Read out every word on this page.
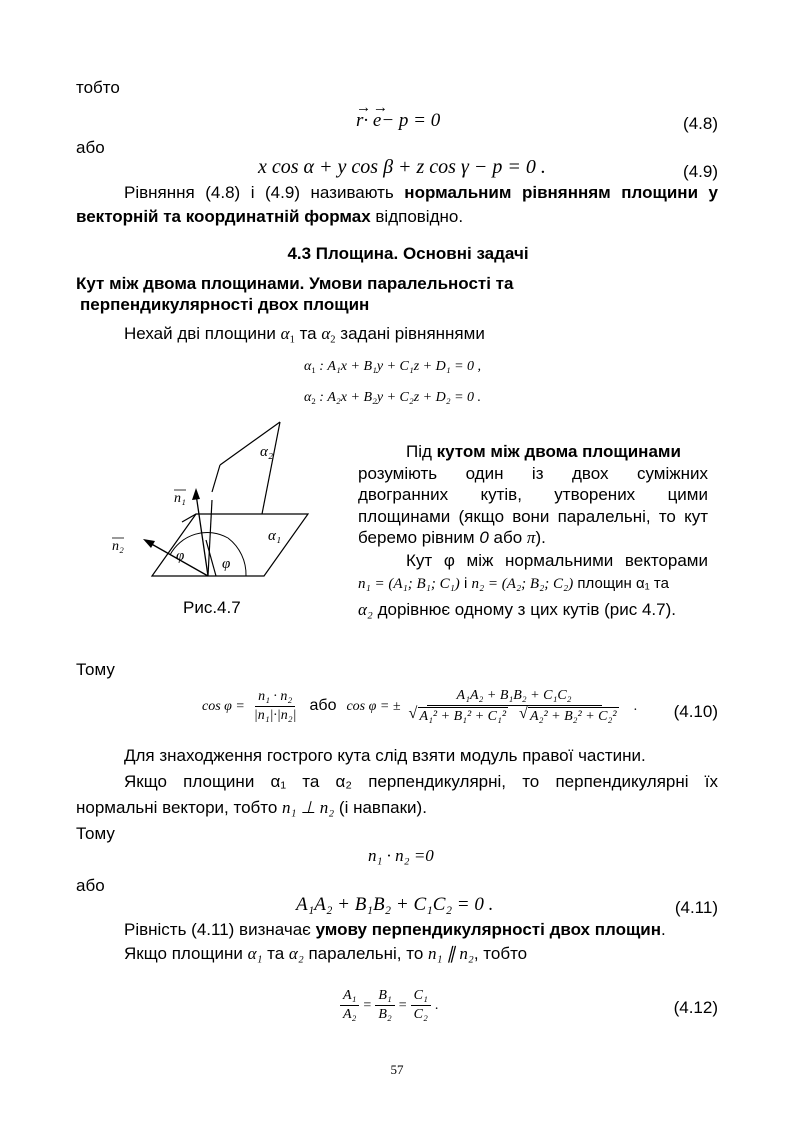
тобто
→ r· → e− p = 0	(4.8)
або
x cos α + y cos β + z cos γ − p = 0 .	(4.9)
Рівняння (4.8) і (4.9) називають нормальним рівнянням площини у
векторній та координатній формах відповідно.
4.3 Площина. Основні задачі
Кут між двома площинами. Умови паралельності та
перпендикулярності двох площин
Нехай дві площини $\alpha_1$ та $\alpha_2$ задані рівняннями
$\alpha_1$ : A₁x + B₁y + C₁z + D₁ = 0 ,
$\alpha_2$ : A₂x + B₂y + C₂z + D₂ = 0 .
α₂
α₁
n₁
n₂
φ	φ
Рис.4.7
Під кутом між двома площинами
розуміють один із двох суміжних
двогранних кутів, утворених цими
площинами (якщо вони паралельні, то кут
беремо рівним 0 або π).
Кут φ між нормальними векторами
n₁ = (A₁; B₁; C₁) і n₂ = (A₂; B₂; C₂) площин α₁ та
α₂ дорівнює одному з цих кутів (рис 4.7).
Тому
$\cos \varphi = \frac{\text{n₁ · n₂}}{\text{|n₁|·|n₂|}}$ або cos φ = ± A₁A₂ + B₁B₂ + C₁C₂
√ A₁² + B₁² + C₁² √ A₂² + B₂² + C₂² . (4.10)
Для знаходження гострого кута слід взяти модуль правої частини.
Якщо площини α₁ та α₂ перпендикулярні, то перпендикулярні їх
нормальні вектори, тобто n₁ ⊥ n₂ (і навпаки).
Тому
n₁ · n₂ =0
або
A₁A₂ + B₁B₂ + C₁C₂ = 0 .	(4.11)
Рівність (4.11) визначає умову перпендикулярності двох площин.
Якщо площини α₁ та α₂ паралельні, то n₁ ∥ n₂, тобто
$\frac{\text{A₁}}{\text{A₂}} = \frac{\text{B₁}}{\text{B₂}} = \frac{\text{C₁}}{\text{C₂}}$ .	(4.12)
57
